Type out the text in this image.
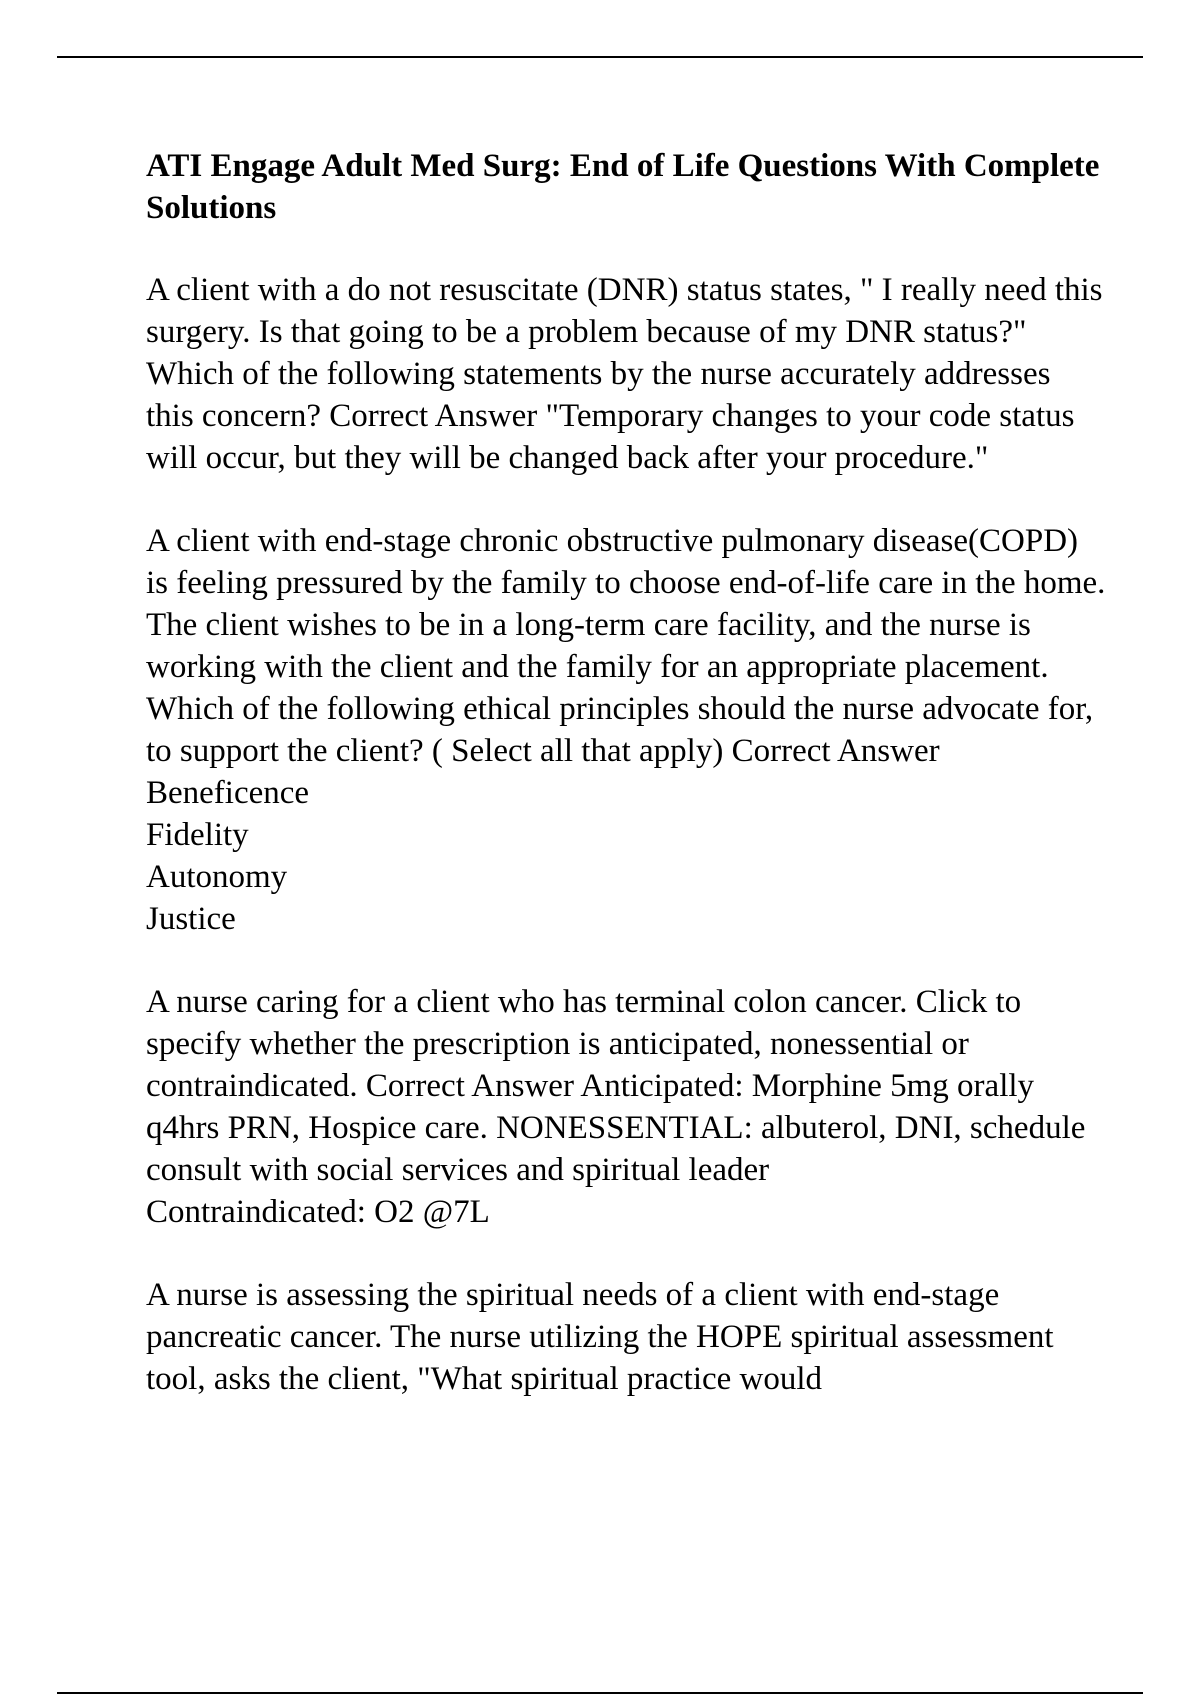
ATI Engage Adult Med Surg: End of Life Questions With Complete Solutions

A client with a do not resuscitate (DNR) status states, " I really need this surgery. Is that going to be a problem because of my DNR status?" Which of the following statements by the nurse accurately addresses this concern? Correct Answer "Temporary changes to your code status will occur, but they will be changed back after your procedure."

A client with end-stage chronic obstructive pulmonary disease(COPD) is feeling pressured by the family to choose end-of-life care in the home. The client wishes to be in a long-term care facility, and the nurse is working with the client and the family for an appropriate placement. Which of the following ethical principles should the nurse advocate for, to support the client? ( Select all that apply) Correct Answer Beneficence
Fidelity
Autonomy
Justice

A nurse caring for a client who has terminal colon cancer. Click to specify whether the prescription is anticipated, nonessential or contraindicated. Correct Answer Anticipated: Morphine 5mg orally q4hrs PRN, Hospice care. NONESSENTIAL: albuterol, DNI, schedule consult with social services and spiritual leader
Contraindicated: O2 @7L

A nurse is assessing the spiritual needs of a client with end-stage pancreatic cancer. The nurse utilizing the HOPE spiritual assessment tool, asks the client, "What spiritual practice would
